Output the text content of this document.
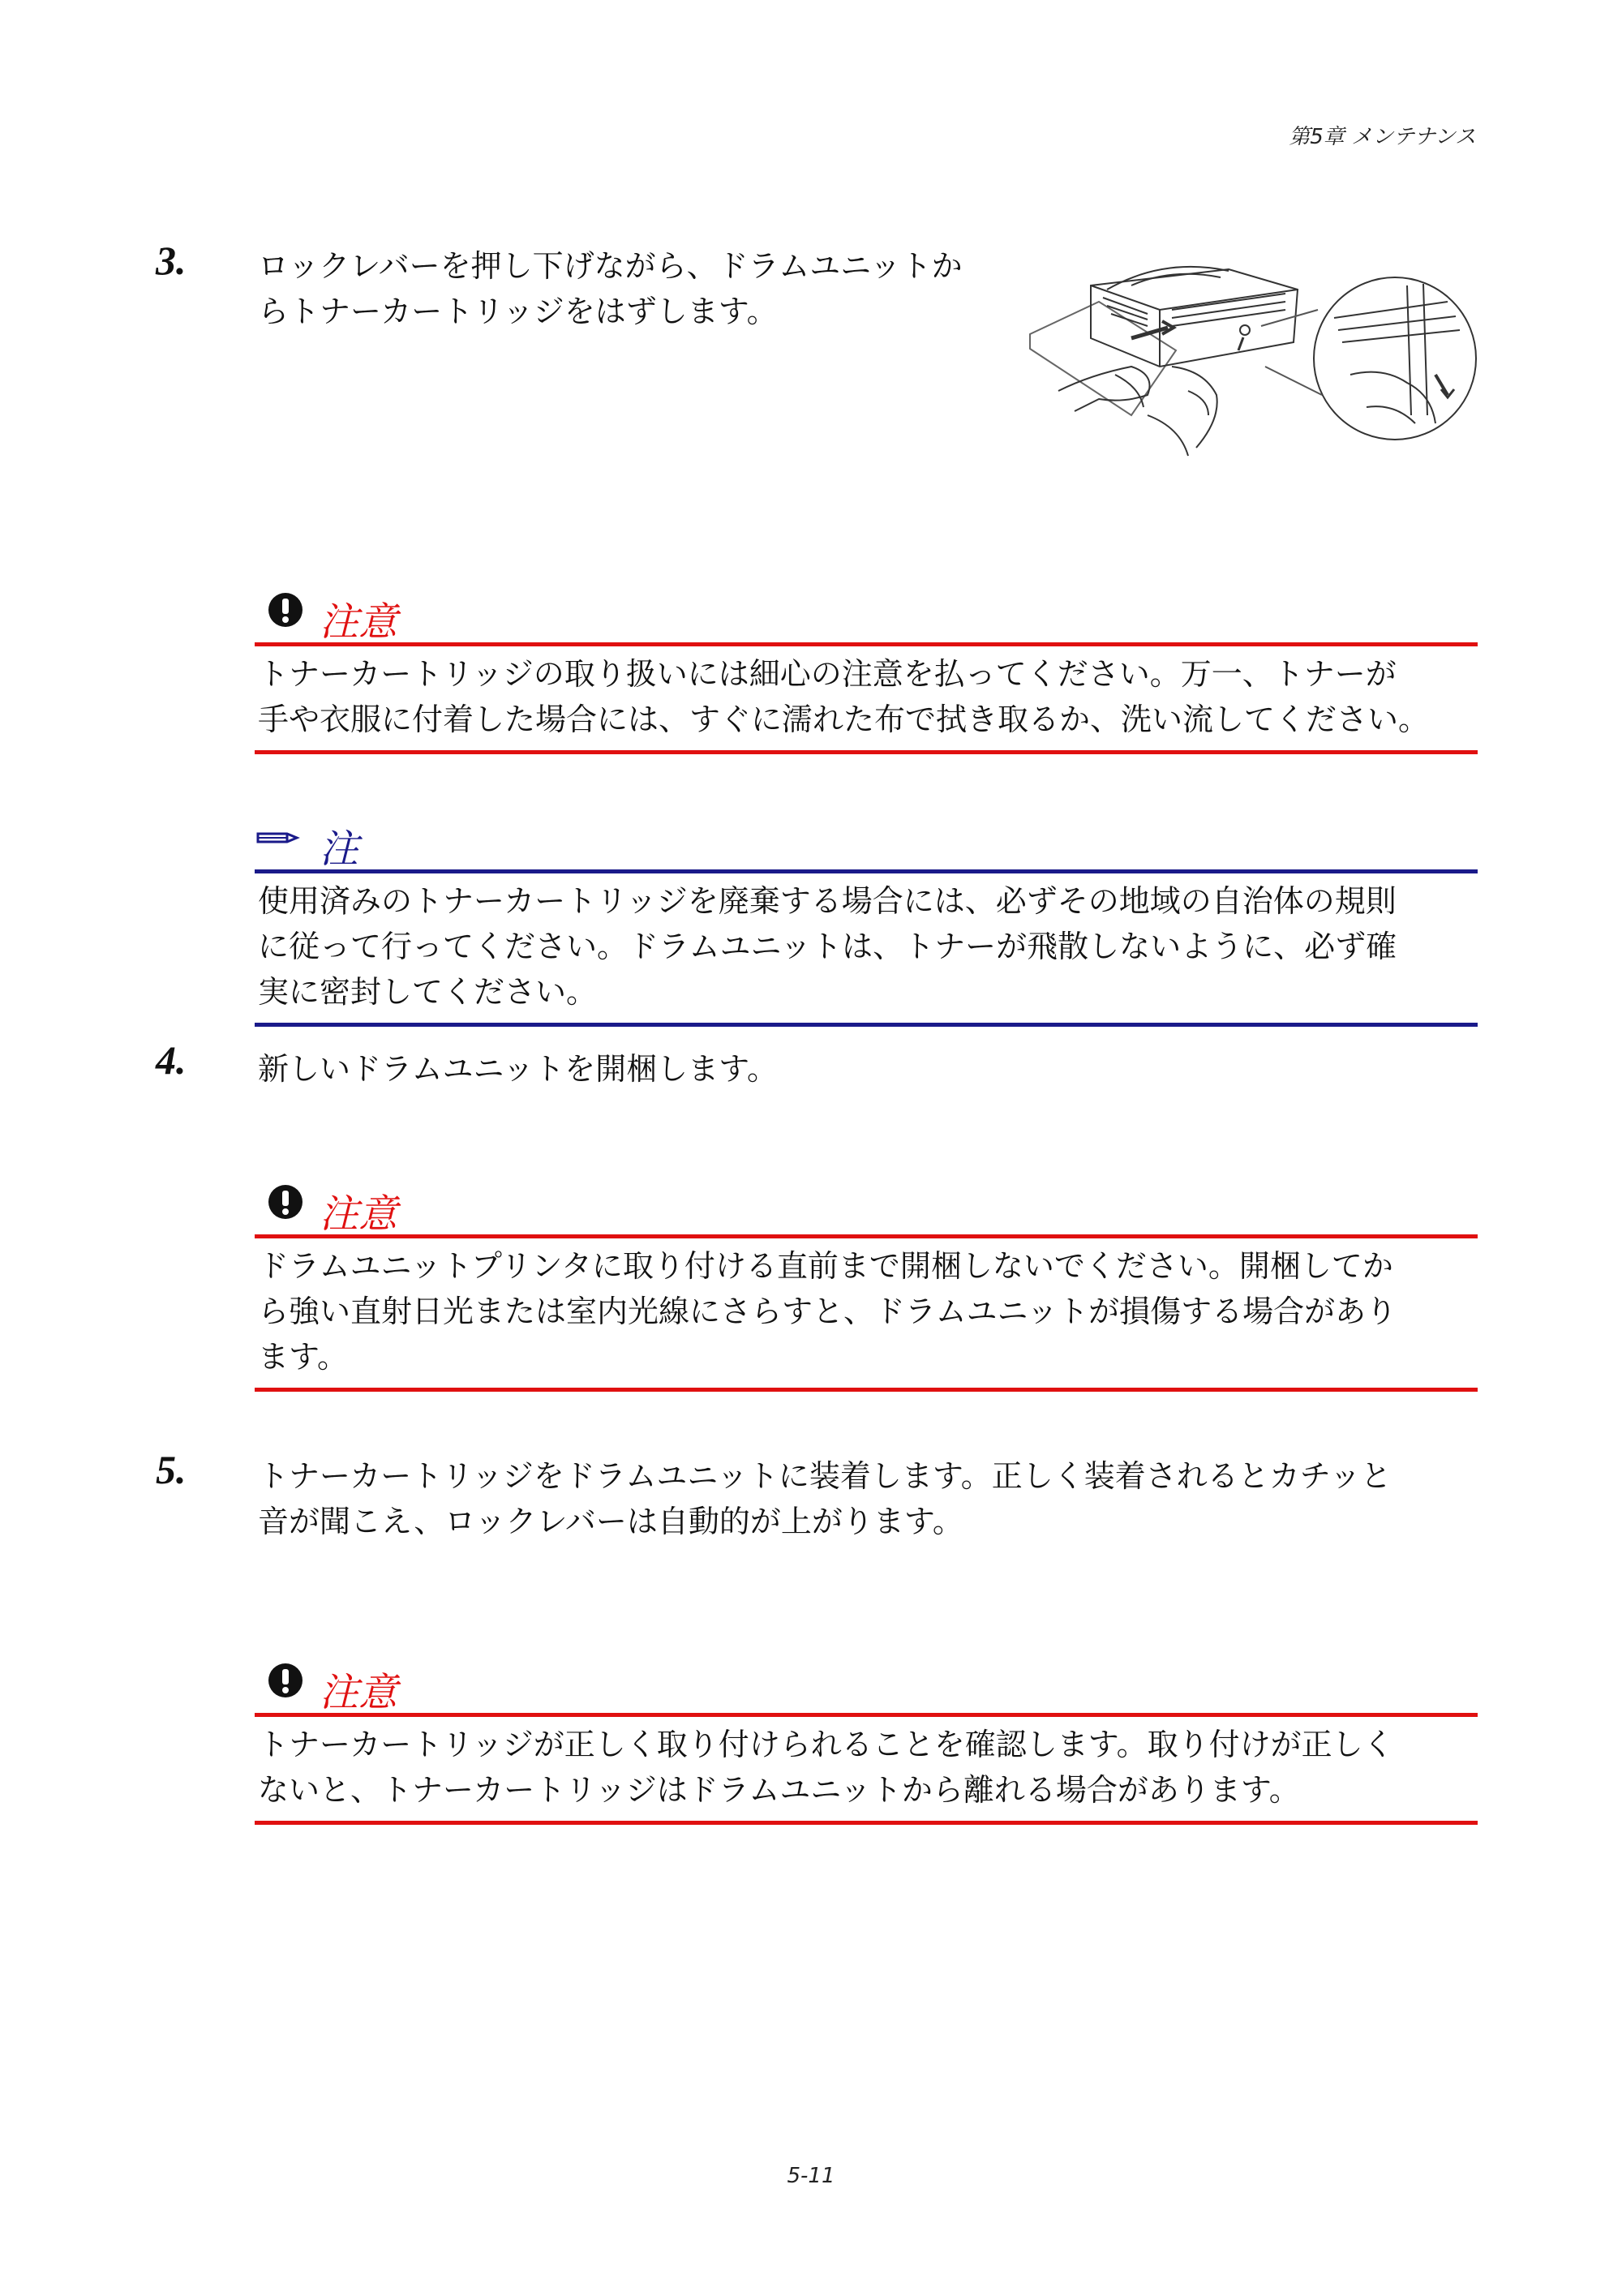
第5章 メンテナンス
3. ロックレバーを押し下げながら、ドラムユニットか
らトナーカートリッジをはずします。
注意
トナーカートリッジの取り扱いには細心の注意を払ってください。万一、トナーが
手や衣服に付着した場合には、すぐに濡れた布で拭き取るか、洗い流してください。
注
使用済みのトナーカートリッジを廃棄する場合には、必ずその地域の自治体の規則
に従って行ってください。ドラムユニットは、トナーが飛散しないように、必ず確
実に密封してください。
4. 新しいドラムユニットを開梱します。
注意
ドラムユニットプリンタに取り付ける直前まで開梱しないでください。開梱してか
ら強い直射日光または室内光線にさらすと、ドラムユニットが損傷する場合があり
ます。
5. トナーカートリッジをドラムユニットに装着します。正しく装着されるとカチッと
音が聞こえ、ロックレバーは自動的が上がります。
注意
トナーカートリッジが正しく取り付けられることを確認します。取り付けが正しく
ないと、トナーカートリッジはドラムユニットから離れる場合があります。
5-11
